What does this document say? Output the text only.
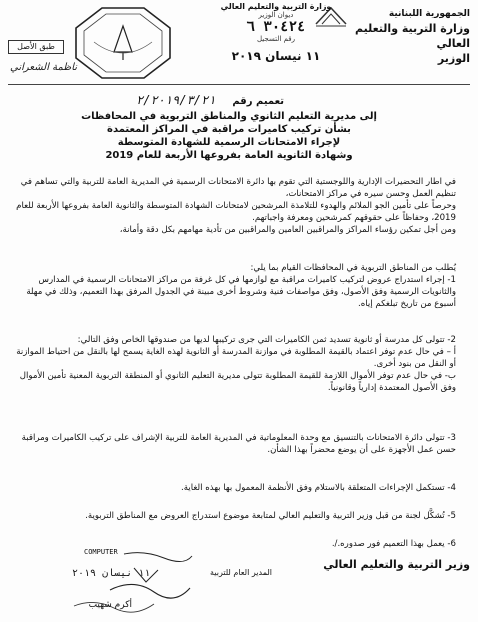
الجمهورية اللبنانية
وزارة التربية والتعليم العالي
الوزير
وزارة التربية والتعليم العالي
ديوان الوزير
٣٠٤٢٤ ٦
رقم التسجيل
١١ نيسان ٢٠١٩
طبق الأصل
ناظمة الشعراني
٢/٢٠١٩/٣/٢١ تعميم رقم
إلى مديرية التعليم الثانوي والمناطق التربوية في المحافظات
بشأن تركيب كاميرات مراقبة في المراكز المعتمدة
لإجراء الامتحانات الرسمية للشهادة المتوسطة
وشهادة الثانوية العامة بفروعها الأربعة للعام 2019

في اطار التحضيرات الإدارية واللوجستية التي تقوم بها دائرة الامتحانات الرسمية في المديرية العامة للتربية والتي تساهم في تنظيم العمل وحسن سيره في مراكز الامتحانات،

وحرصاً على تأمين الجو الملائم والهدوء للتلامذة المرشحين لامتحانات الشهادة المتوسطة والثانوية العامة بفروعها الأربعة للعام 2019، وحفاظاً على حقوقهم كمرشحين ومعرفة واجباتهم.

ومن أجل تمكين رؤساء المراكز والمراقبين العامين والمراقبين من تأدية مهامهم بكل دقة وأمانة،

يُطلب من المناطق التربوية في المحافظات القيام بما يلي:

1- إجراء استدراج عروض لتركيب كاميرات مراقبة مع لوازمها في كل غرفة من مراكز الامتحانات الرسمية في المدارس والثانويات الرسمية وفق الأصول، وفق مواصفات فنية وشروط أخرى مبينة في الجدول المرفق بهذا التعميم، وذلك في مهلة أسبوع من تاريخ تبلغكم إياه.

2- تتولى كل مدرسة أو ثانوية تسديد ثمن الكاميرات التي جرى تركيبها لديها من صندوقها الخاص وفق التالي:

أ – في حال عدم توفر اعتماد بالقيمة المطلوبة في موازنة المدرسة أو الثانوية لهذه الغاية يسمح لها بالنقل من احتياط الموازنة أو النقل من بنود أخرى.

ب- في حال عدم توفر الأموال اللازمة للقيمة المطلوبة تتولى مديرية التعليم الثانوي أو المنطقة التربوية المعنية تأمين الأموال وفق الأصول المعتمدة إدارياً وقانونياً.

3- تتولى دائرة الامتحانات بالتنسيق مع وحدة المعلوماتية في المديرية العامة للتربية الإشراف على تركيب الكاميرات ومراقبة حسن عمل الأجهزة على أن يوضع محضراً بهذا الشأن.

4- تستكمل الإجراءات المتعلقة بالاستلام وفق الأنظمة المعمول بها بهذه الغاية.

5- تُشكَّل لجنة من قبل وزير التربية والتعليم العالي لمتابعة موضوع استدراج العروض مع المناطق التربوية.

6- يعمل بهذا التعميم فور صدوره./.

COMPUTER
١١ نيسان ٢٠١٩
وزير التربية والتعليم العالي
المدير العام للتربية
أكرم شهيب
